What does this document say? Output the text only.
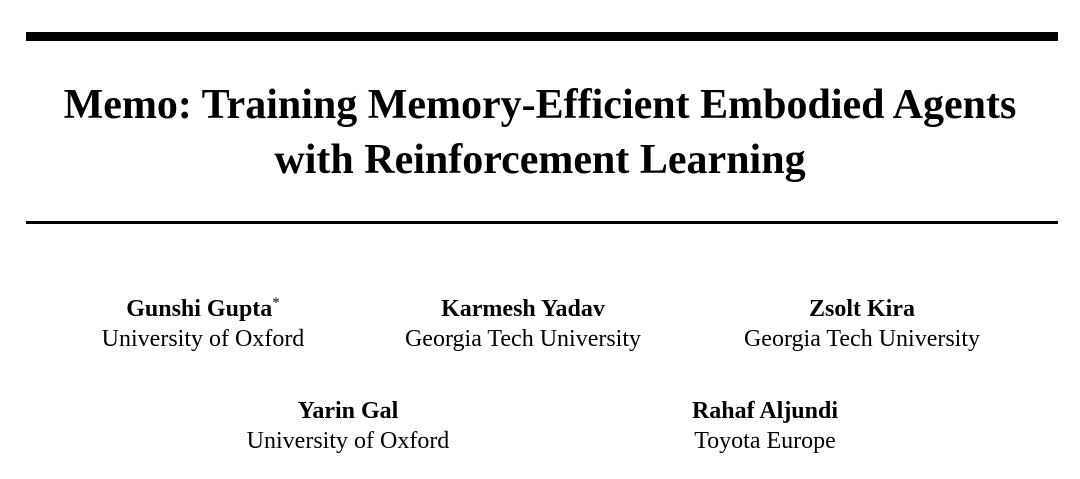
Memo: Training Memory-Efficient Embodied Agents
with Reinforcement Learning
Gunshi Gupta*
University of Oxford
Karmesh Yadav
Georgia Tech University
Zsolt Kira
Georgia Tech University
Yarin Gal
University of Oxford
Rahaf Aljundi
Toyota Europe
